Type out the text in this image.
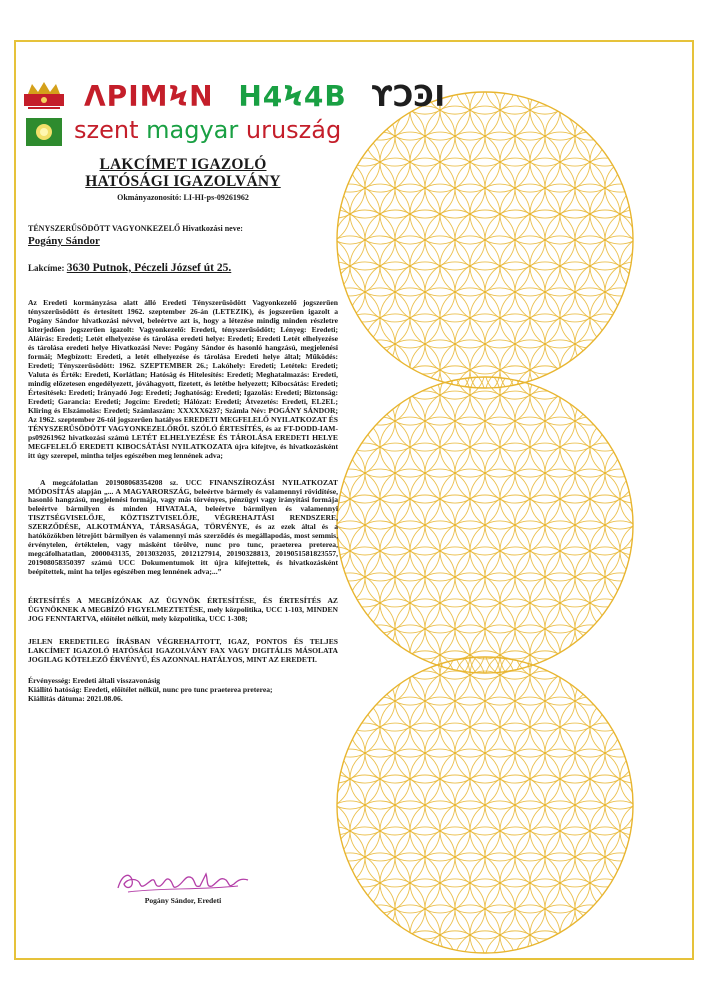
ΛΡΙΜϞΝ Η4Ϟ4Β ϒϽϿΙ
szent magyar uruszág
LAKCÍMET IGAZOLÓ
HATÓSÁGI IGAZOLVÁNY
Okmányazonosító: LI-HI-ps-09261962
TÉNYSZERŰSÖDÖTT VAGYONKEZELŐ Hivatkozási neve:
Pogány Sándor
Lakcíme: 3630 Putnok, Péczeli József út 25.
Az Eredeti kormányzása alatt álló Eredeti Tényszerűsödött Vagyonkezelő jogszerűen tényszerűsödött és értesített 1962. szeptember 26-án (LETEZIK), és jogszerűen igazolt a Pogány Sándor hivatkozási névvel, beleértve azt is, hogy a létezése mindig minden részletre kiterjedően jogszerűen igazolt: Vagyonkezelő: Eredeti, tényszerűsödött; Lényeg: Eredeti; Aláírás: Eredeti; Letét elhelyezése és tárolása eredeti helye: Eredeti; Eredeti Letét elhelyezése és tárolása eredeti helye Hivatkozási Neve: Pogány Sándor és hasonló hangzású, megjelenési formái; Megbízott: Eredeti, a letét elhelyezése és tárolása Eredeti helye által; Működés: Eredeti; Tényszerűsödött: 1962. SZEPTEMBER 26.; Lakóhely: Eredeti; Letétek: Eredeti; Valuta és Érték: Eredeti, Korlátlan; Hatóság és Hitelesítés: Eredeti; Meghatalmazás: Eredeti, mindig előzetesen engedélyezett, jóváhagyott, fizetett, és letétbe helyezett; Kibocsátás: Eredeti; Értesítések: Eredeti; Irányadó Jog: Eredeti; Joghatóság: Eredeti; Igazolás: Eredeti; Biztonság: Eredeti; Garancia: Eredeti; Jogcím: Eredeti; Hálózat: Eredeti; Átvezetés: Eredeti, EL2EL; Kliring és Elszámolás: Eredeti; Számlaszám: XXXXX6237; Számla Név: POGÁNY SÁNDOR; Az 1962. szeptember 26-tól jogszerűen hatályos EREDETI MEGFELELŐ NYILATKOZAT ÉS TÉNYSZERŰSÖDÖTT VAGYONKEZELŐRŐL SZÓLÓ ÉRTESÍTÉS, és az FT-DODD-IAM-ps09261962 hivatkozási számú LETÉT ELHELYEZÉSE ÉS TÁROLÁSA EREDETI HELYE MEGFELELŐ EREDETI KIBOCSÁTÁSI NYILATKOZATA újra kifejtve, és hivatkozásként itt úgy szerepel, mintha teljes egészében meg lennének adva;
A megcáfolatlan 201908068354208 sz. UCC FINANSZÍROZÁSI NYILATKOZAT MÓDOSÍTÁS alapján „... A MAGYARORSZÁG, beleértve bármely és valamennyi rövidítése, hasonló hangzású, megjelenési formája, vagy más törvényes, pénzügyi vagy irányítási formája beleértve bármilyen és minden HIVATALA, beleértve bármilyen és valamennyi TISZTSÉGVISELŐJE, KÖZTISZTVISELŐJE, VÉGREHAJTÁSI RENDSZERE, SZERZŐDÉSE, ALKOTMÁNYA, TÁRSASÁGA, TÖRVÉNYE, és az ezek által és a hatóközökben létrejött bármilyen és valamennyi más szerződés és megállapodás, most semmis, érvénytelen, értéktelen, vagy másként törölve, nunc pro tunc, praeterea preterea, megcáfolhatatlan, 2000043135, 2013032035, 2012127914, 20190328813, 2019051581823557, 201908058350397 számú UCC Dokumentumok itt újra kifejtettek, és hivatkozásként beépítettek, mint ha teljes egészében meg lennének adva;...”
ÉRTESÍTÉS A MEGBÍZÓNAK AZ ÜGYNÖK ÉRTESÍTÉSE, ÉS ÉRTESÍTÉS AZ ÜGYNÖKNEK A MEGBÍZÓ FIGYELMEZTETÉSE, mely közpolitika, UCC 1-103, MINDEN JOG FENNTARTVA, előítélet nélkül, mely közpolitika, UCC 1-308;
JELEN EREDETILEG ÍRÁSBAN VÉGREHAJTOTT, IGAZ, PONTOS ÉS TELJES LAKCÍMET IGAZOLÓ HATÓSÁGI IGAZOLVÁNY FAX VAGY DIGITÁLIS MÁSOLATA JOGILAG KÖTELEZŐ ÉRVÉNYŰ, ÉS AZONNAL HATÁLYOS, MINT AZ EREDETI.
Érvényesség: Eredeti általi visszavonásig
Kiállító hatóság: Eredeti, előítélet nélkül, nunc pro tunc praeterea preterea;
Kiállítás dátuma: 2021.08.06.
Pogány Sándor, Eredeti
